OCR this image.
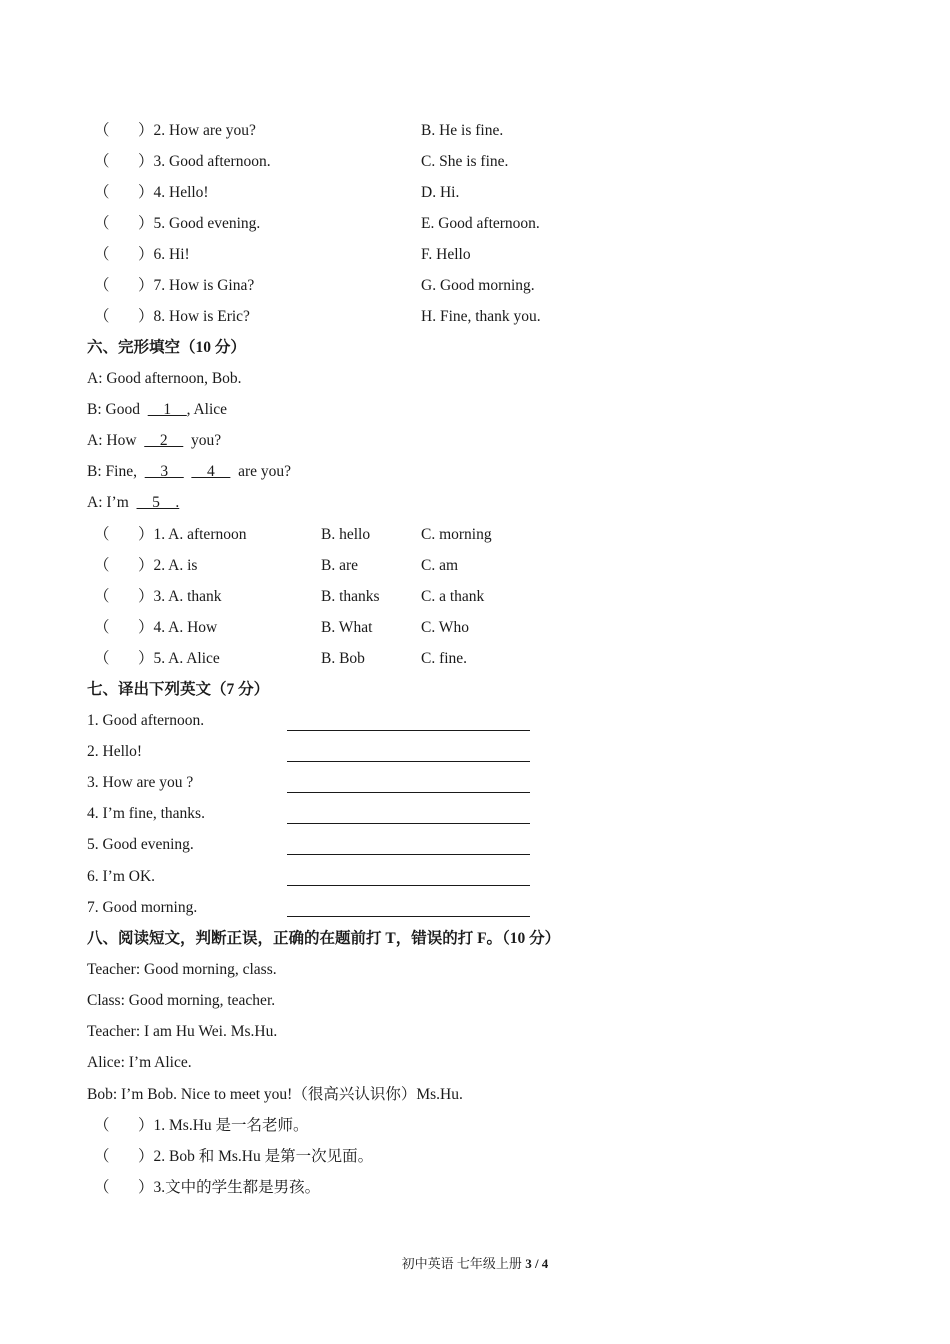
（ ）2. How are you?	B. He is fine.
（ ）3. Good afternoon.	C. She is fine.
（ ）4. Hello!	D. Hi.
（ ）5. Good evening.	E. Good afternoon.
（ ）6. Hi!	F. Hello
（ ）7. How is Gina?	G. Good morning.
（ ）8. How is Eric?	H. Fine, thank you.
六、完形填空（10 分）
A: Good afternoon, Bob.
B: Good __1__, Alice
A: How __2__ you?
B: Fine, __3__ __4__ are you?
A: I’m __5__.
（ ）1. A. afternoon	B. hello	C. morning
（ ）2. A. is	B. are	C. am
（ ）3. A. thank	B. thanks	C. a thank
（ ）4. A. How	B. What	C. Who
（ ）5. A. Alice	B. Bob	C. fine.
七、译出下列英文（7 分）
1. Good afternoon.
2. Hello!
3. How are you ?
4. I’m fine, thanks.
5. Good evening.
6. I’m OK.
7. Good morning.
八、阅读短文，判断正误，正确的在题前打 T，错误的打 F。（10 分）
Teacher: Good morning, class.
Class: Good morning, teacher.
Teacher: I am Hu Wei. Ms.Hu.
Alice: I’m Alice.
Bob: I’m Bob. Nice to meet you!（很高兴认识你）Ms.Hu.
（ ）1. Ms.Hu 是一名老师。
（ ）2. Bob 和 Ms.Hu 是第一次见面。
（ ）3.文中的学生都是男孩。
初中英语 七年级上册 3 / 4
